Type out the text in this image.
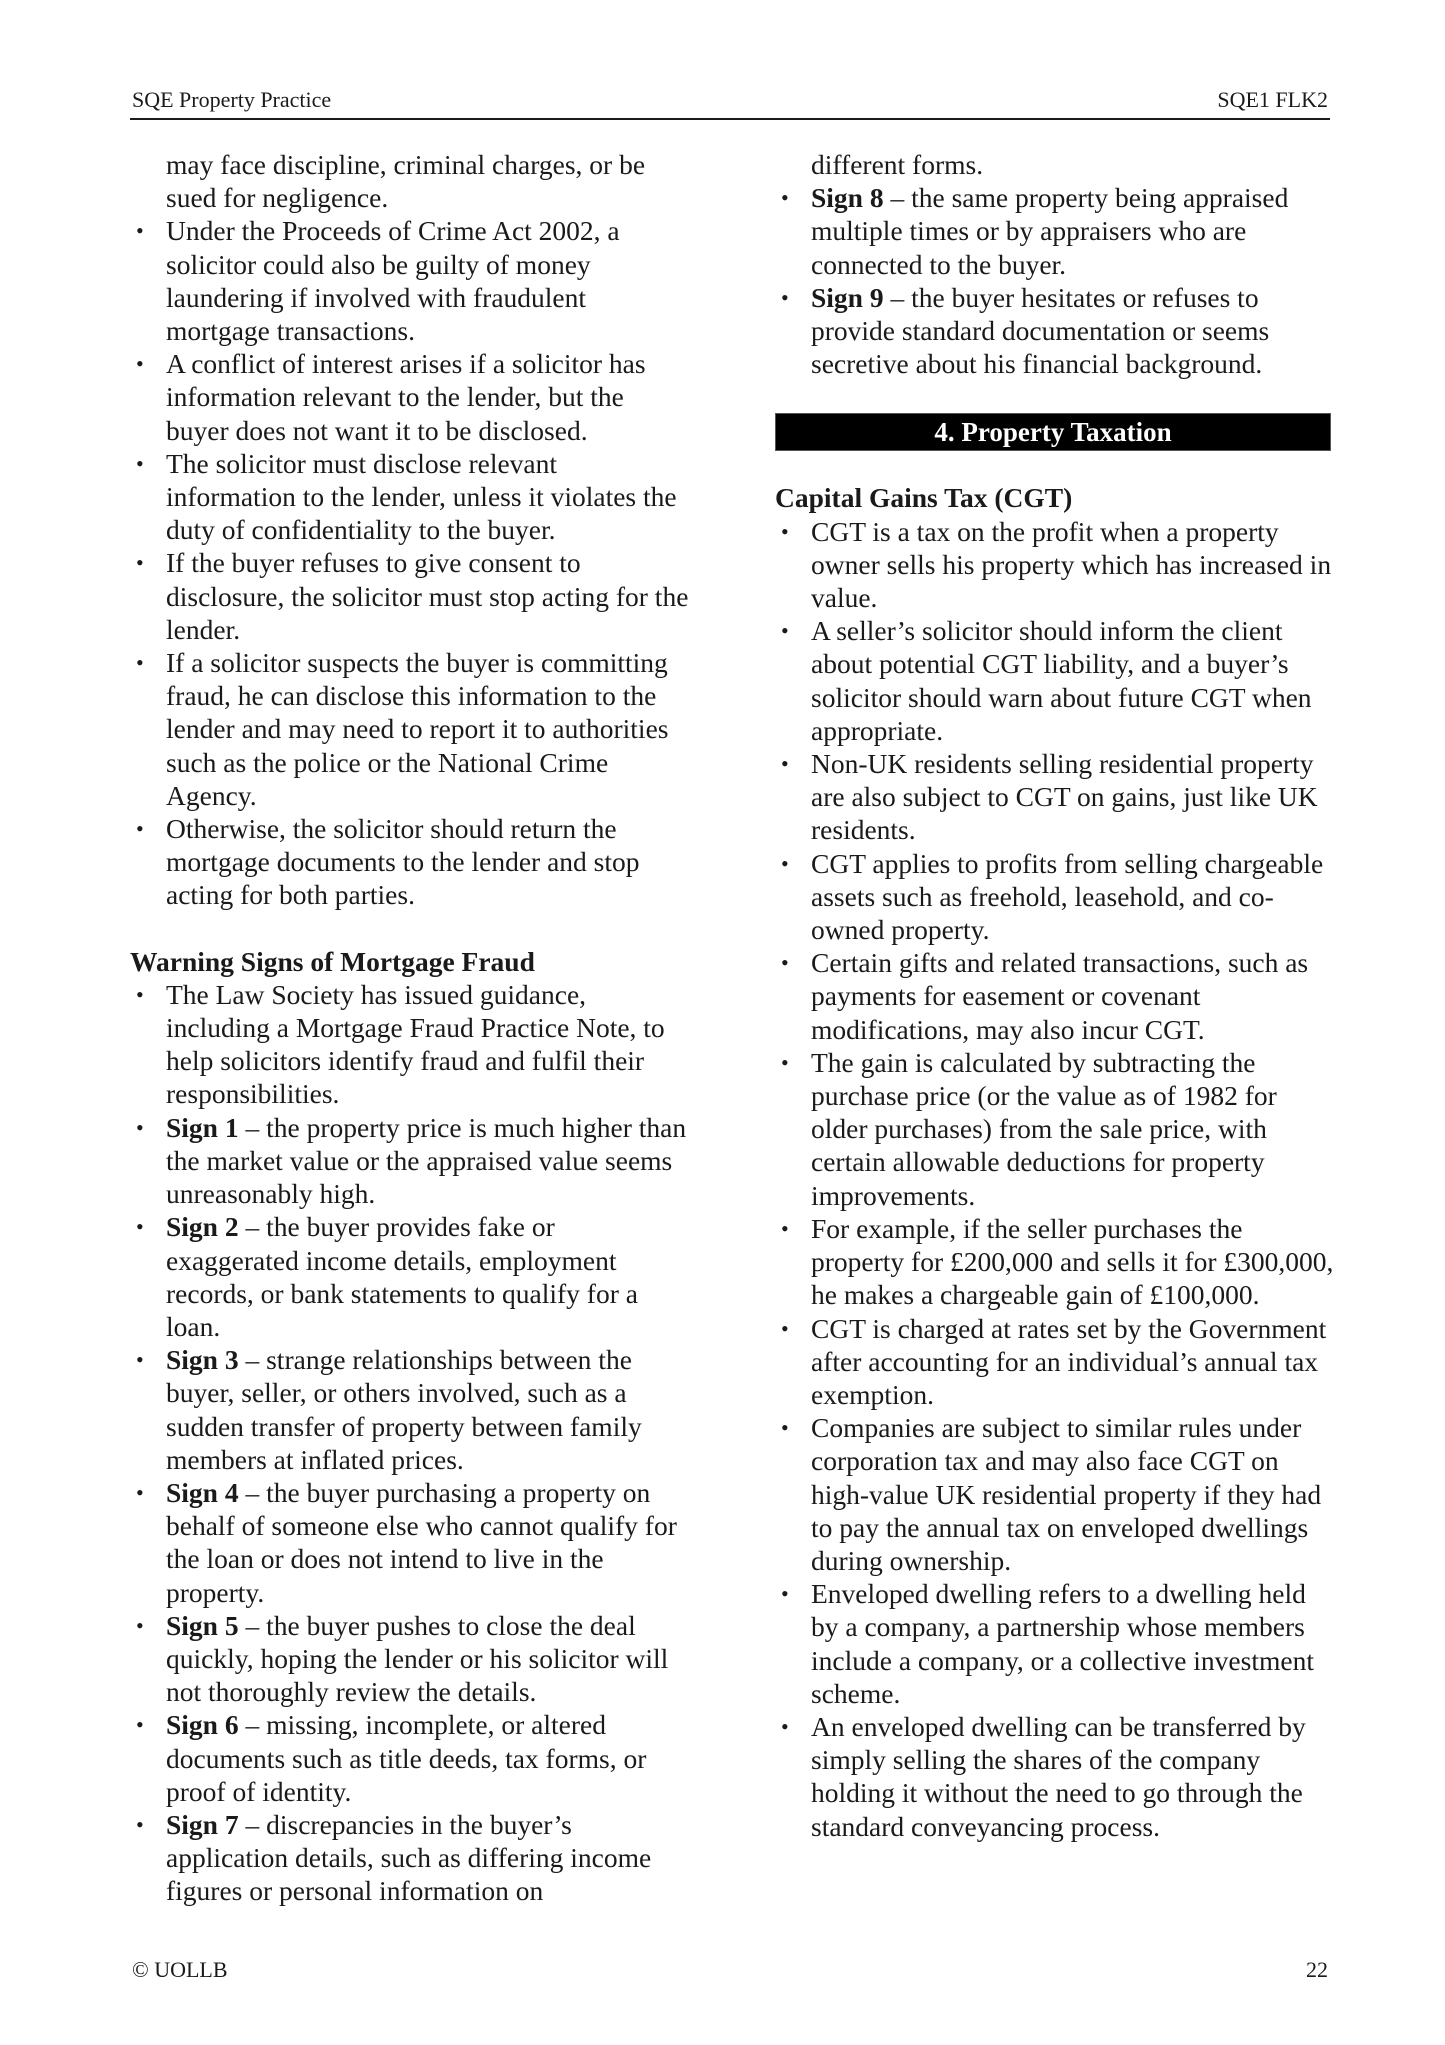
SQE Property Practice	SQE1 FLK2

may face discipline, criminal charges, or be sued for negligence.

• Under the Proceeds of Crime Act 2002, a solicitor could also be guilty of money laundering if involved with fraudulent mortgage transactions.
• A conflict of interest arises if a solicitor has information relevant to the lender, but the buyer does not want it to be disclosed.
• The solicitor must disclose relevant information to the lender, unless it violates the duty of confidentiality to the buyer.
• If the buyer refuses to give consent to disclosure, the solicitor must stop acting for the lender.
• If a solicitor suspects the buyer is committing fraud, he can disclose this information to the lender and may need to report it to authorities such as the police or the National Crime Agency.
• Otherwise, the solicitor should return the mortgage documents to the lender and stop acting for both parties.

Warning Signs of Mortgage Fraud

• The Law Society has issued guidance, including a Mortgage Fraud Practice Note, to help solicitors identify fraud and fulfil their responsibilities.
• Sign 1 – the property price is much higher than the market value or the appraised value seems unreasonably high.
• Sign 2 – the buyer provides fake or exaggerated income details, employment records, or bank statements to qualify for a loan.
• Sign 3 – strange relationships between the buyer, seller, or others involved, such as a sudden transfer of property between family members at inflated prices.
• Sign 4 – the buyer purchasing a property on behalf of someone else who cannot qualify for the loan or does not intend to live in the property.
• Sign 5 – the buyer pushes to close the deal quickly, hoping the lender or his solicitor will not thoroughly review the details.
• Sign 6 – missing, incomplete, or altered documents such as title deeds, tax forms, or proof of identity.
• Sign 7 – discrepancies in the buyer’s application details, such as differing income figures or personal information on

different forms.

• Sign 8 – the same property being appraised multiple times or by appraisers who are connected to the buyer.
• Sign 9 – the buyer hesitates or refuses to provide standard documentation or seems secretive about his financial background.
4. Property Taxation

Capital Gains Tax (CGT)

• CGT is a tax on the profit when a property owner sells his property which has increased in value.
• A seller’s solicitor should inform the client about potential CGT liability, and a buyer’s solicitor should warn about future CGT when appropriate.
• Non-UK residents selling residential property are also subject to CGT on gains, just like UK residents.
• CGT applies to profits from selling chargeable assets such as freehold, leasehold, and co-owned property.
• Certain gifts and related transactions, such as payments for easement or covenant modifications, may also incur CGT.
• The gain is calculated by subtracting the purchase price (or the value as of 1982 for older purchases) from the sale price, with certain allowable deductions for property improvements.
• For example, if the seller purchases the property for £200,000 and sells it for £300,000, he makes a chargeable gain of £100,000.
• CGT is charged at rates set by the Government after accounting for an individual’s annual tax exemption.
• Companies are subject to similar rules under corporation tax and may also face CGT on high-value UK residential property if they had to pay the annual tax on enveloped dwellings during ownership.
• Enveloped dwelling refers to a dwelling held by a company, a partnership whose members include a company, or a collective investment scheme.
• An enveloped dwelling can be transferred by simply selling the shares of the company holding it without the need to go through the standard conveyancing process.
© UOLLB	22
